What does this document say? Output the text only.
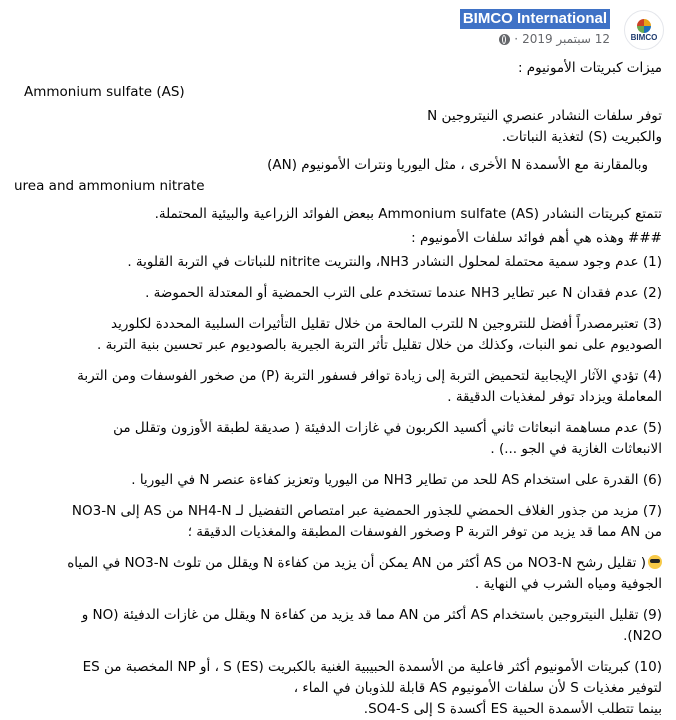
BIMCO
BIMCO International
12 سبتمبر 2019
·

ميزات كبريتات الأمونيوم :

Ammonium sulfate (AS)

توفر سلفات النشادر عنصري النيتروجين N

والكبريت (S) لتغذية النباتات.

وبالمقارنة مع الأسمدة N الأخرى ، مثل اليوريا ونترات الأمونيوم (AN)

urea and ammonium nitrate

تتمتع كبريتات النشادر Ammonium sulfate (AS) ببعض الفوائد الزراعية والبيئية المحتملة.

### وهذه هي أهم فوائد سلفات الأمونيوم :

(1) عدم وجود سمية محتملة لمحلول النشادر NH3، والنتريت nitrite للنباتات في التربة القلوية .

(2) عدم فقدان N عبر تطاير NH3 عندما تستخدم على الترب الحمضية أو المعتدلة الحموضة .

(3) تعتبرمصدراً أفضل للنتروجين N للترب المالحة من خلال تقليل التأثيرات السلبية المحددة لكلوريد

الصوديوم على نمو النبات، وكذلك من خلال تقليل تأثر التربة الجيرية بالصوديوم عبر تحسين بنية التربة .

(4) تؤدي الآثار الإيجابية لتحميض التربة إلى زيادة توافر فسفور التربة (P) من صخور الفوسفات ومن التربة

المعاملة ويزداد توفر لمغذيات الدقيقة .

(5) عدم مساهمة انبعاثات ثاني أكسيد الكربون في غازات الدفيئة ( صديقة لطبقة الأوزون وتقلل من

الانبعاثات الغازية في الجو ...) .

(6) القدرة على استخدام AS للحد من تطاير NH3 من اليوريا وتعزيز كفاءة عنصر N في اليوريا .

(7) مزيد من جذور الغلاف الحمضي للجذور الحمضية عبر امتصاص التفضيل لـ NH4-N من AS إلى NO3-N

من AN مما قد يزيد من توفر التربة P وصخور الفوسفات المطبقة والمغذيات الدقيقة ؛

( تقليل رشح NO3-N من AS أكثر من AN يمكن أن يزيد من كفاءة N ويقلل من تلوث NO3-N في المياه

الجوفية ومياه الشرب في النهاية .

(9) تقليل النيتروجين باستخدام AS أكثر من AN مما قد يزيد من كفاءة N ويقلل من غازات الدفيئة (NO و

N2O).

(10) كبريتات الأمونيوم أكثر فاعلية من الأسمدة الحبيبية الغنية بالكبريت S (ES) ، أو NP المخصبة من ES

لتوفير مغذيات S لأن سلفات الأمونيوم AS قابلة للذوبان في الماء ،

بينما تتطلب الأسمدة الحبية ES أكسدة S إلى SO4-S.
